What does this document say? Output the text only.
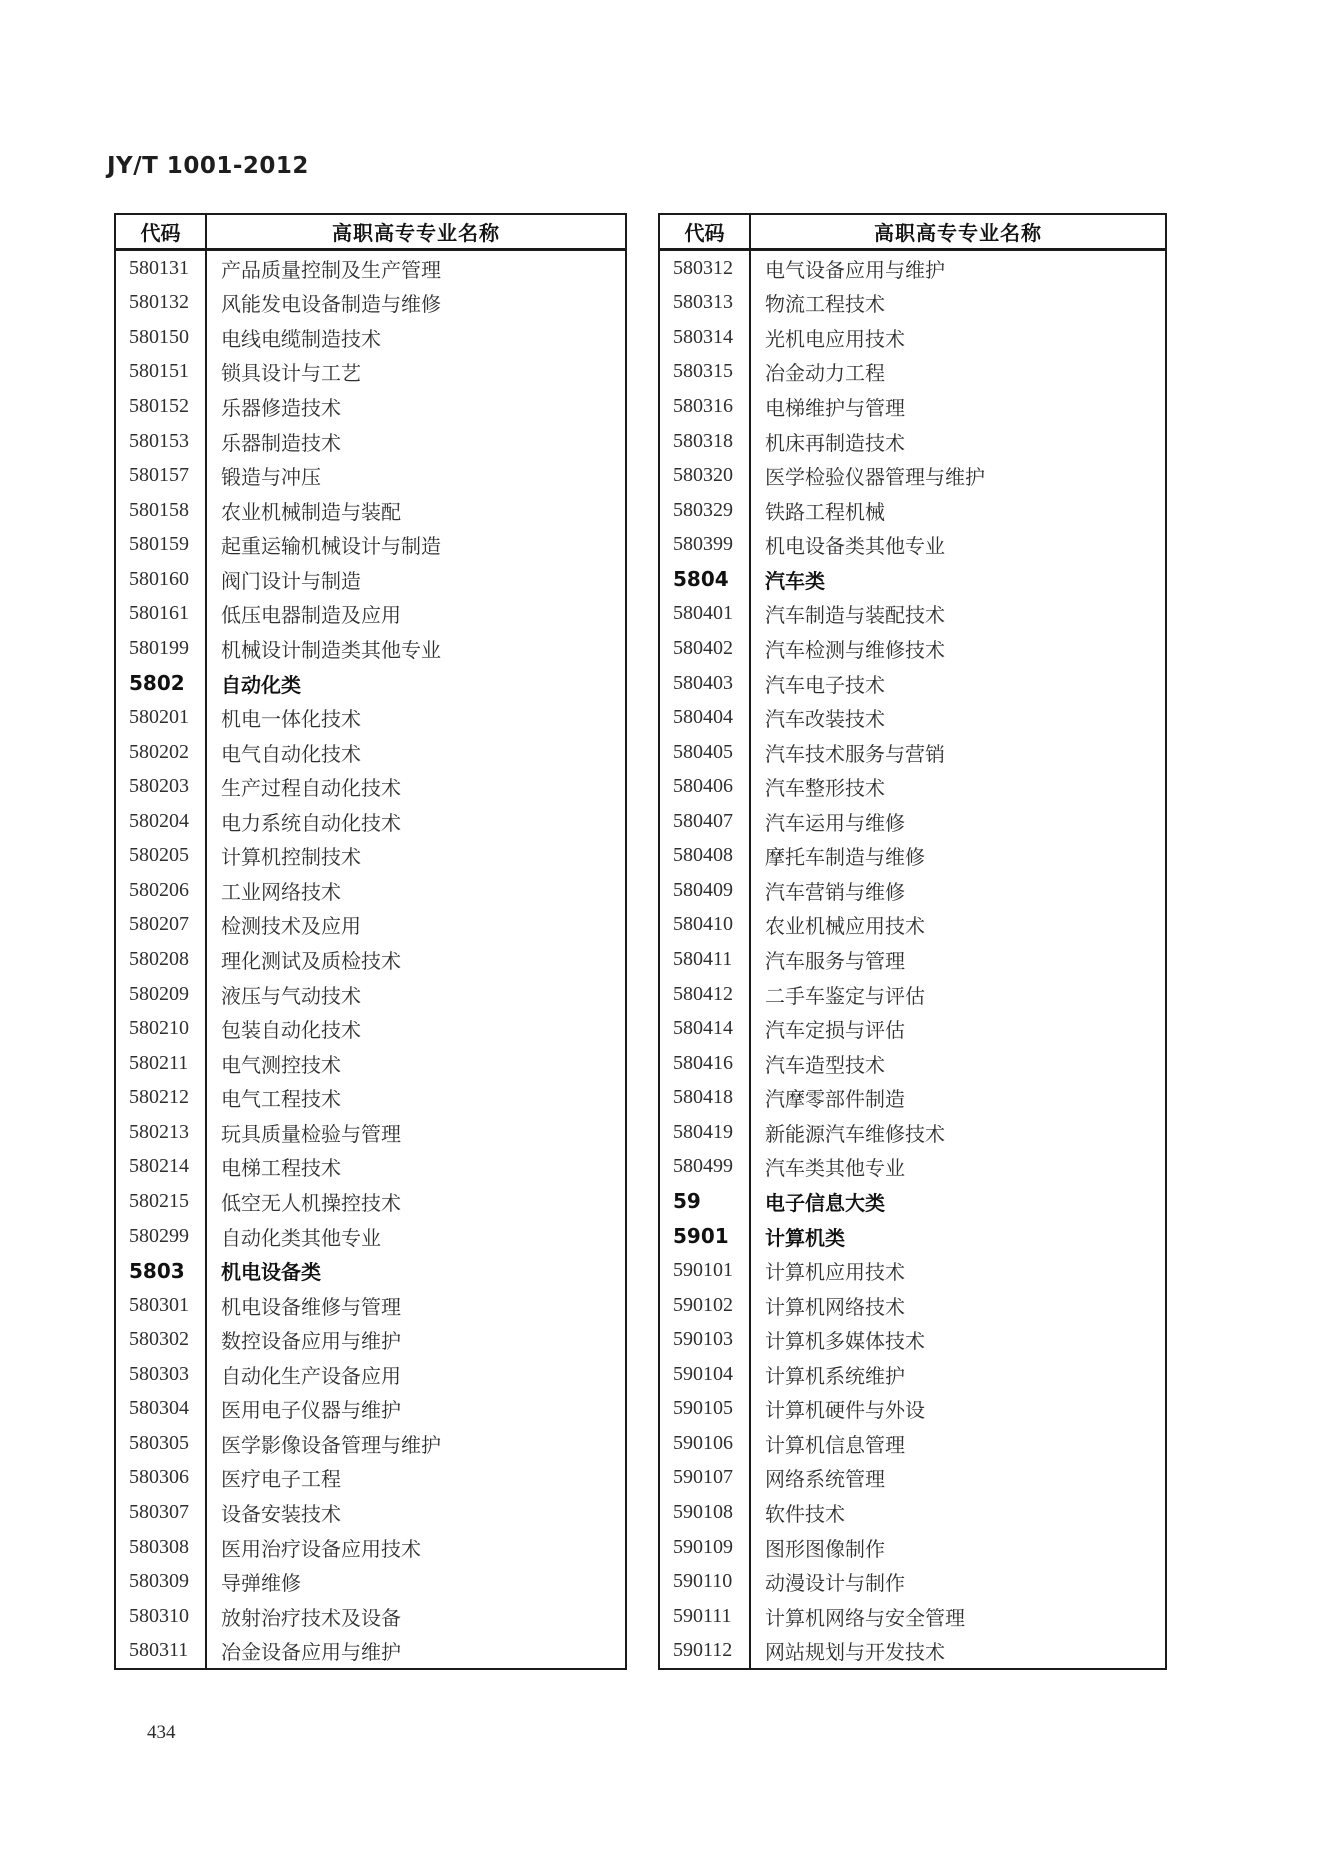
JY/T 1001-2012
代码	高职高专专业名称
580131	产品质量控制及生产管理
580132	风能发电设备制造与维修
580150	电线电缆制造技术
580151	锁具设计与工艺
580152	乐器修造技术
580153	乐器制造技术
580157	锻造与冲压
580158	农业机械制造与装配
580159	起重运输机械设计与制造
580160	阀门设计与制造
580161	低压电器制造及应用
580199	机械设计制造类其他专业
5802	自动化类
580201	机电一体化技术
580202	电气自动化技术
580203	生产过程自动化技术
580204	电力系统自动化技术
580205	计算机控制技术
580206	工业网络技术
580207	检测技术及应用
580208	理化测试及质检技术
580209	液压与气动技术
580210	包装自动化技术
580211	电气测控技术
580212	电气工程技术
580213	玩具质量检验与管理
580214	电梯工程技术
580215	低空无人机操控技术
580299	自动化类其他专业
5803	机电设备类
580301	机电设备维修与管理
580302	数控设备应用与维护
580303	自动化生产设备应用
580304	医用电子仪器与维护
580305	医学影像设备管理与维护
580306	医疗电子工程
580307	设备安装技术
580308	医用治疗设备应用技术
580309	导弹维修
580310	放射治疗技术及设备
580311	冶金设备应用与维护
代码	高职高专专业名称
580312	电气设备应用与维护
580313	物流工程技术
580314	光机电应用技术
580315	冶金动力工程
580316	电梯维护与管理
580318	机床再制造技术
580320	医学检验仪器管理与维护
580329	铁路工程机械
580399	机电设备类其他专业
5804	汽车类
580401	汽车制造与装配技术
580402	汽车检测与维修技术
580403	汽车电子技术
580404	汽车改装技术
580405	汽车技术服务与营销
580406	汽车整形技术
580407	汽车运用与维修
580408	摩托车制造与维修
580409	汽车营销与维修
580410	农业机械应用技术
580411	汽车服务与管理
580412	二手车鉴定与评估
580414	汽车定损与评估
580416	汽车造型技术
580418	汽摩零部件制造
580419	新能源汽车维修技术
580499	汽车类其他专业
59	电子信息大类
5901	计算机类
590101	计算机应用技术
590102	计算机网络技术
590103	计算机多媒体技术
590104	计算机系统维护
590105	计算机硬件与外设
590106	计算机信息管理
590107	网络系统管理
590108	软件技术
590109	图形图像制作
590110	动漫设计与制作
590111	计算机网络与安全管理
590112	网站规划与开发技术
434
